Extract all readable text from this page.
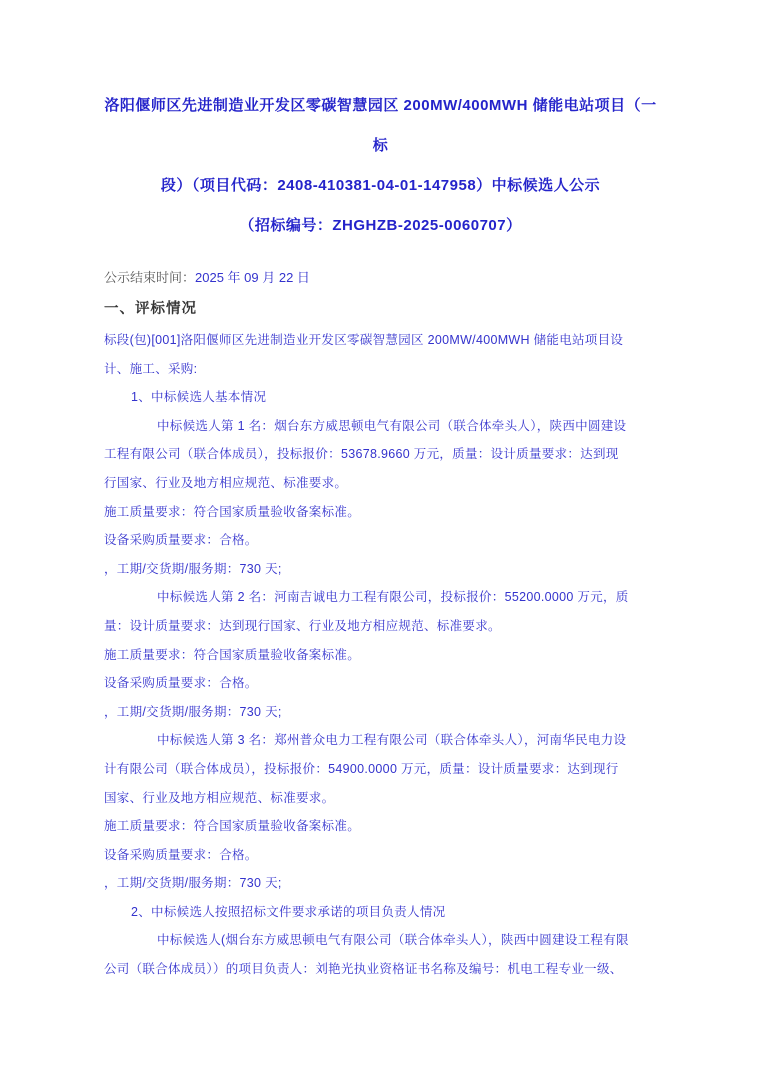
洛阳偃师区先进制造业开发区零碳智慧园区 200MW/400MWH 储能电站项目（一标
段）（项目代码：2408-410381-04-01-147958）中标候选人公示
（招标编号：ZHGHZB-2025-0060707）
公示结束时间：2025 年 09 月 22 日
一、评标情况
标段(包)[001]洛阳偃师区先进制造业开发区零碳智慧园区 200MW/400MWH 储能电站项目设
计、施工、采购:
1、中标候选人基本情况
中标候选人第 1 名：烟台东方威思顿电气有限公司（联合体牵头人），陕西中圆建设
工程有限公司（联合体成员），投标报价：53678.9660 万元，质量：设计质量要求：达到现
行国家、行业及地方相应规范、标准要求。
施工质量要求：符合国家质量验收备案标准。
设备采购质量要求：合格。
，工期/交货期/服务期：730 天;
中标候选人第 2 名：河南吉诚电力工程有限公司，投标报价：55200.0000 万元，质
量：设计质量要求：达到现行国家、行业及地方相应规范、标准要求。
施工质量要求：符合国家质量验收备案标准。
设备采购质量要求：合格。
，工期/交货期/服务期：730 天;
中标候选人第 3 名：郑州普众电力工程有限公司（联合体牵头人），河南华民电力设
计有限公司（联合体成员），投标报价：54900.0000 万元，质量：设计质量要求：达到现行
国家、行业及地方相应规范、标准要求。
施工质量要求：符合国家质量验收备案标准。
设备采购质量要求：合格。
，工期/交货期/服务期：730 天;
2、中标候选人按照招标文件要求承诺的项目负责人情况
中标候选人(烟台东方威思顿电气有限公司（联合体牵头人），陕西中圆建设工程有限
公司（联合体成员））的项目负责人：刘艳光执业资格证书名称及编号：机电工程专业一级、
